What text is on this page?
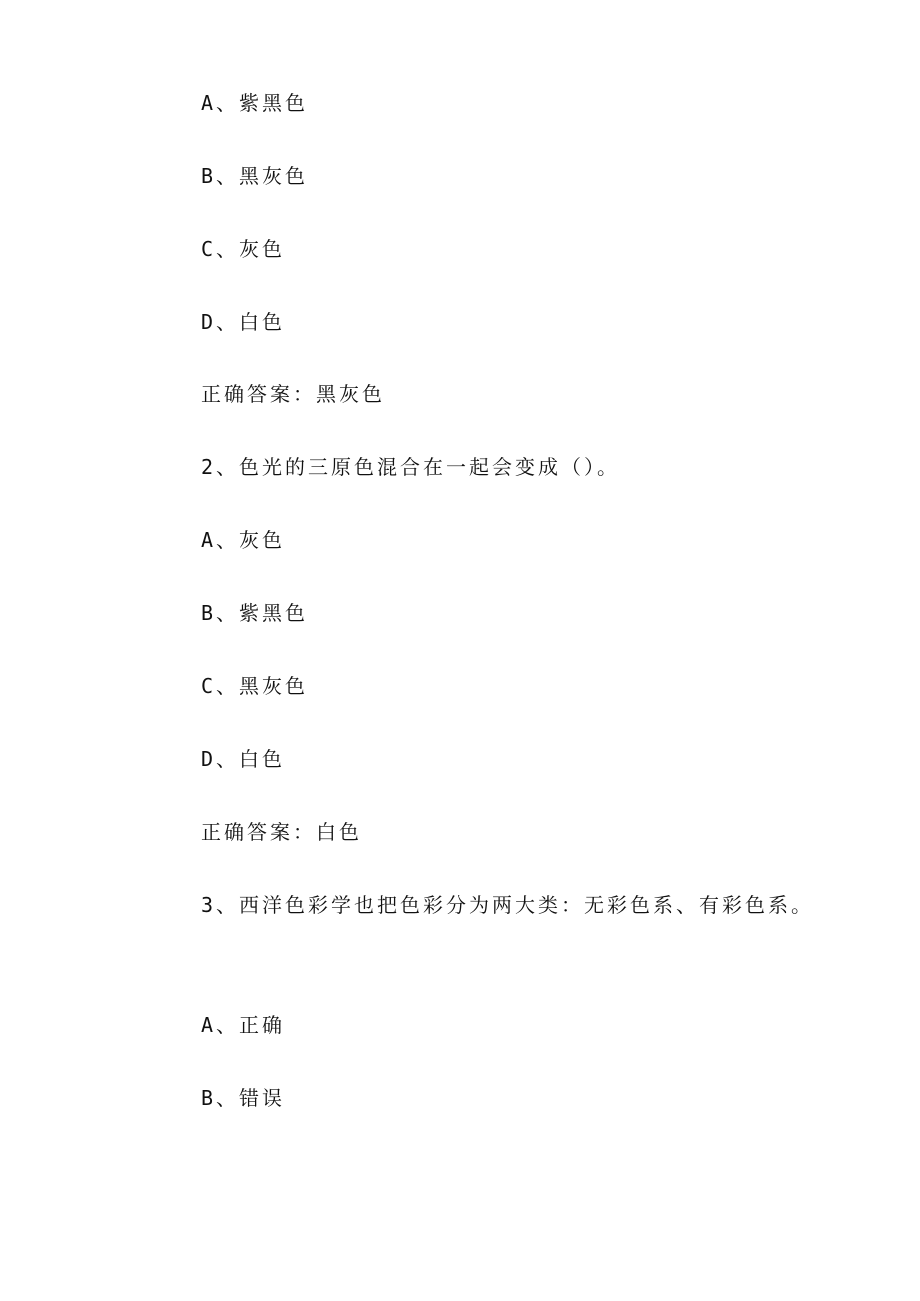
A、紫黑色
B、黑灰色
C、灰色
D、白色
正确答案：黑灰色
2、色光的三原色混合在一起会变成（）。
A、灰色
B、紫黑色
C、黑灰色
D、白色
正确答案：白色
3、西洋色彩学也把色彩分为两大类：无彩色系、有彩色系。
A、正确
B、错误
